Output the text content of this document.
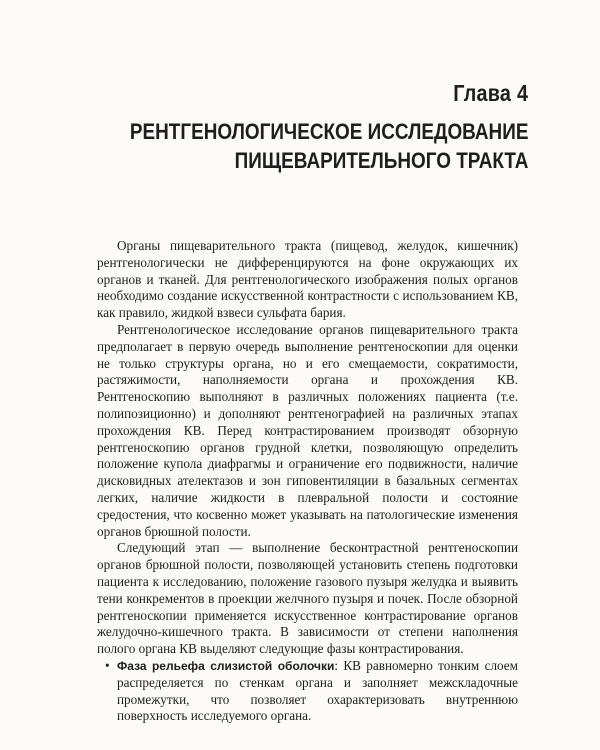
Глава 4
РЕНТГЕНОЛОГИЧЕСКОЕ ИССЛЕДОВАНИЕ
ПИЩЕВАРИТЕЛЬНОГО ТРАКТА

Органы пищеварительного тракта (пищевод, желудок, кишечник) рентгенологически не дифференцируются на фоне окружающих их органов и тканей. Для рентгенологического изображения полых органов необходимо создание искусственной контрастности с использованием КВ, как правило, жидкой взвеси сульфата бария.

Рентгенологическое исследование органов пищеварительного тракта предполагает в первую очередь выполнение рентгеноскопии для оценки не только структуры органа, но и его смещаемости, сократимости, растяжимости, наполняемости органа и прохождения КВ. Рентгеноскопию выполняют в различных положениях пациента (т.е. полипозиционно) и дополняют рентгенографией на различных этапах прохождения КВ. Перед контрастированием производят обзорную рентгеноскопию органов грудной клетки, позволяющую определить положение купола диафрагмы и ограничение его подвижности, наличие дисковидных ателектазов и зон гиповентиляции в базальных сегментах легких, наличие жидкости в плевральной полости и состояние средостения, что косвенно может указывать на патологические изменения органов брюшной полости.

Следующий этап — выполнение бесконтрастной рентгеноскопии органов брюшной полости, позволяющей установить степень подготовки пациента к исследованию, положение газового пузыря желудка и выявить тени конкрементов в проекции желчного пузыря и почек. После обзорной рентгеноскопии применяется искусственное контрастирование органов желудочно-кишечного тракта. В зависимости от степени наполнения полого органа КВ выделяют следующие фазы контрастирования.

• Фаза рельефа слизистой оболочки: КВ равномерно тонким слоем распределяется по стенкам органа и заполняет межскладочные промежутки, что позволяет охарактеризовать внутреннюю поверхность исследуемого органа.
